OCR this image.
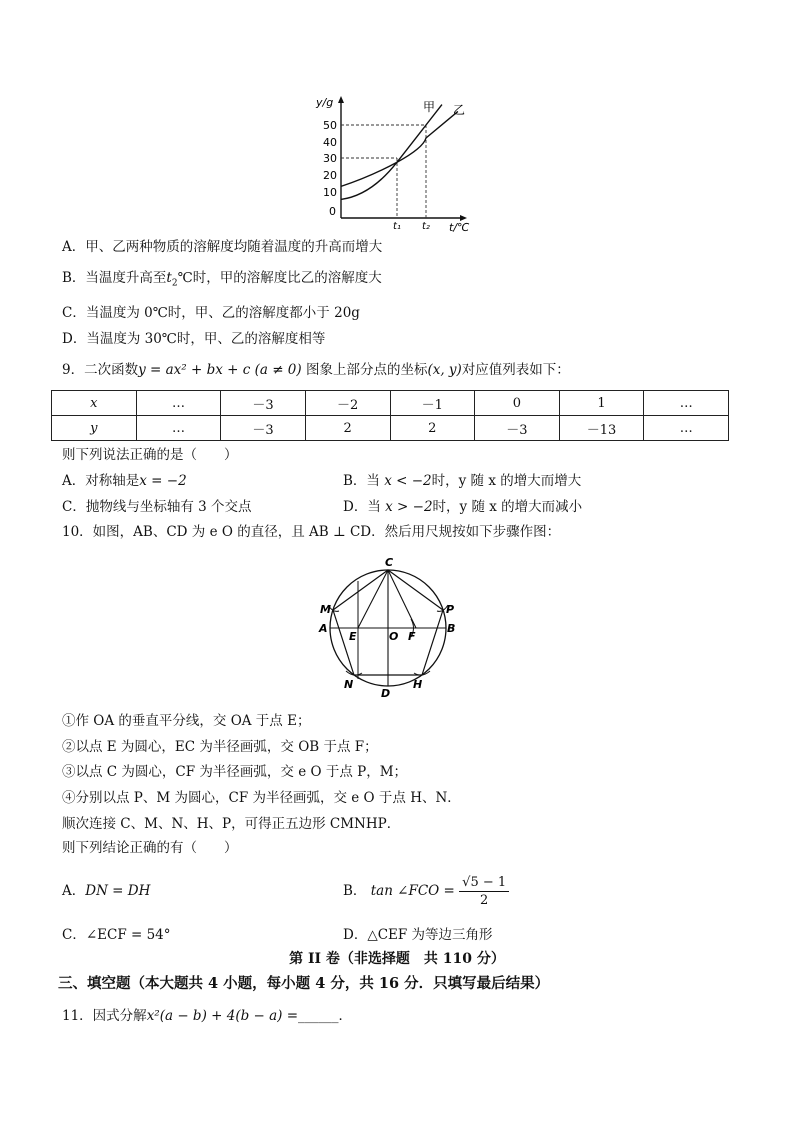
y/g
t/℃
50
40
30
20
10
0
甲 乙
t₁ t₂
A．甲、乙两种物质的溶解度均随着温度的升高而增大
B．当温度升高至$t_2℃$时，甲的溶解度比乙的溶解度大
C．当温度为 0℃时，甲、乙的溶解度都小于 20g
D．当温度为 30℃时，甲、乙的溶解度相等
9．二次函数y = ax² + bx + c (a ≠ 0) 图象上部分点的坐标(x, y)对应值列表如下：
x	…	－3	－2	－1	0	1	…
y	…	－3	2	2	－3	－13	…
则下列说法正确的是（　　）
A．对称轴是x = −2	B．当 x < −2时，y 随 x 的增大而增大
C．抛物线与坐标轴有 3 个交点	D．当 x > −2时，y 随 x 的增大而减小
10．如图，AB、CD 为 e O 的直径，且 AB ⊥ CD．然后用尺规按如下步骤作图：
C
M	P
A
E	O F
B
N
D
H
①作 OA 的垂直平分线，交 OA 于点 E；
②以点 E 为圆心，EC 为半径画弧，交 OB 于点 F；
③以点 C 为圆心，CF 为半径画弧，交 e O 于点 P，M；
④分别以点 P、M 为圆心，CF 为半径画弧，交 e O 于点 H、N．
顺次连接 C、M、N、H、P，可得正五边形 CMNHP．
则下列结论正确的有（　　）
A．DN = DH	B． tan ∠FCO = $\frac{√5 - 1}{2}$
C．∠ECF = 54°	D．△CEF 为等边三角形
第 II 卷（非选择题　共 110 分）
三、填空题（本大题共 4 小题，每小题 4 分，共 16 分．只填写最后结果）
11．因式分解x²(a − b) + 4(b − a) =______．
